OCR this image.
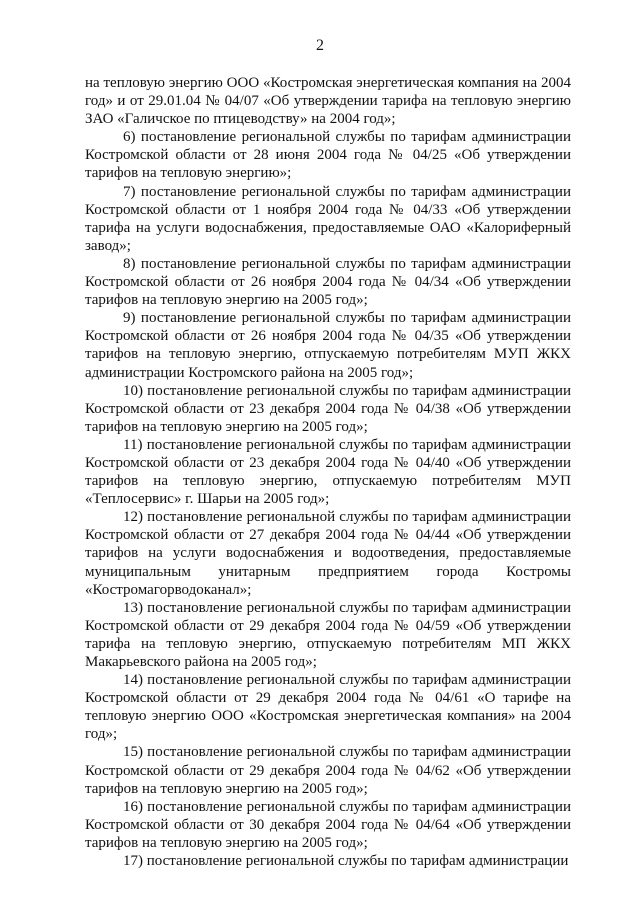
2

на тепловую энергию ООО «Костромская энергетическая компания на 2004 год» и от 29.01.04 № 04/07 «Об утверждении тарифа на тепловую энергию ЗАО «Галичское по птицеводству» на 2004 год»;

6) постановление региональной службы по тарифам администрации Костромской области от 28 июня 2004 года № 04/25 «Об утверждении тарифов на тепловую энергию»;

7) постановление региональной службы по тарифам администрации Костромской области от 1 ноября 2004 года № 04/33 «Об утверждении тарифа на услуги водоснабжения, предоставляемые ОАО «Калориферный завод»;

8) постановление региональной службы по тарифам администрации Костромской области от 26 ноября 2004 года № 04/34 «Об утверждении тарифов на тепловую энергию на 2005 год»;

9) постановление региональной службы по тарифам администрации Костромской области от 26 ноября 2004 года № 04/35 «Об утверждении тарифов на тепловую энергию, отпускаемую потребителям МУП ЖКХ администрации Костромского района на 2005 год»;

10) постановление региональной службы по тарифам администрации Костромской области от 23 декабря 2004 года № 04/38 «Об утверждении тарифов на тепловую энергию на 2005 год»;

11) постановление региональной службы по тарифам администрации Костромской области от 23 декабря 2004 года № 04/40 «Об утверждении тарифов на тепловую энергию, отпускаемую потребителям МУП «Теплосервис» г. Шарьи на 2005 год»;

12) постановление региональной службы по тарифам администрации Костромской области от 27 декабря 2004 года № 04/44 «Об утверждении тарифов на услуги водоснабжения и водоотведения, предоставляемые муниципальным унитарным предприятием города Костромы «Костромагорводоканал»;

13) постановление региональной службы по тарифам администрации Костромской области от 29 декабря 2004 года № 04/59 «Об утверждении тарифа на тепловую энергию, отпускаемую потребителям МП ЖКХ Макарьевского района на 2005 год»;

14) постановление региональной службы по тарифам администрации Костромской области от 29 декабря 2004 года № 04/61 «О тарифе на тепловую энергию ООО «Костромская энергетическая компания» на 2004 год»;

15) постановление региональной службы по тарифам администрации Костромской области от 29 декабря 2004 года № 04/62 «Об утверждении тарифов на тепловую энергию на 2005 год»;

16) постановление региональной службы по тарифам администрации Костромской области от 30 декабря 2004 года № 04/64 «Об утверждении тарифов на тепловую энергию на 2005 год»;

17) постановление региональной службы по тарифам администрации
